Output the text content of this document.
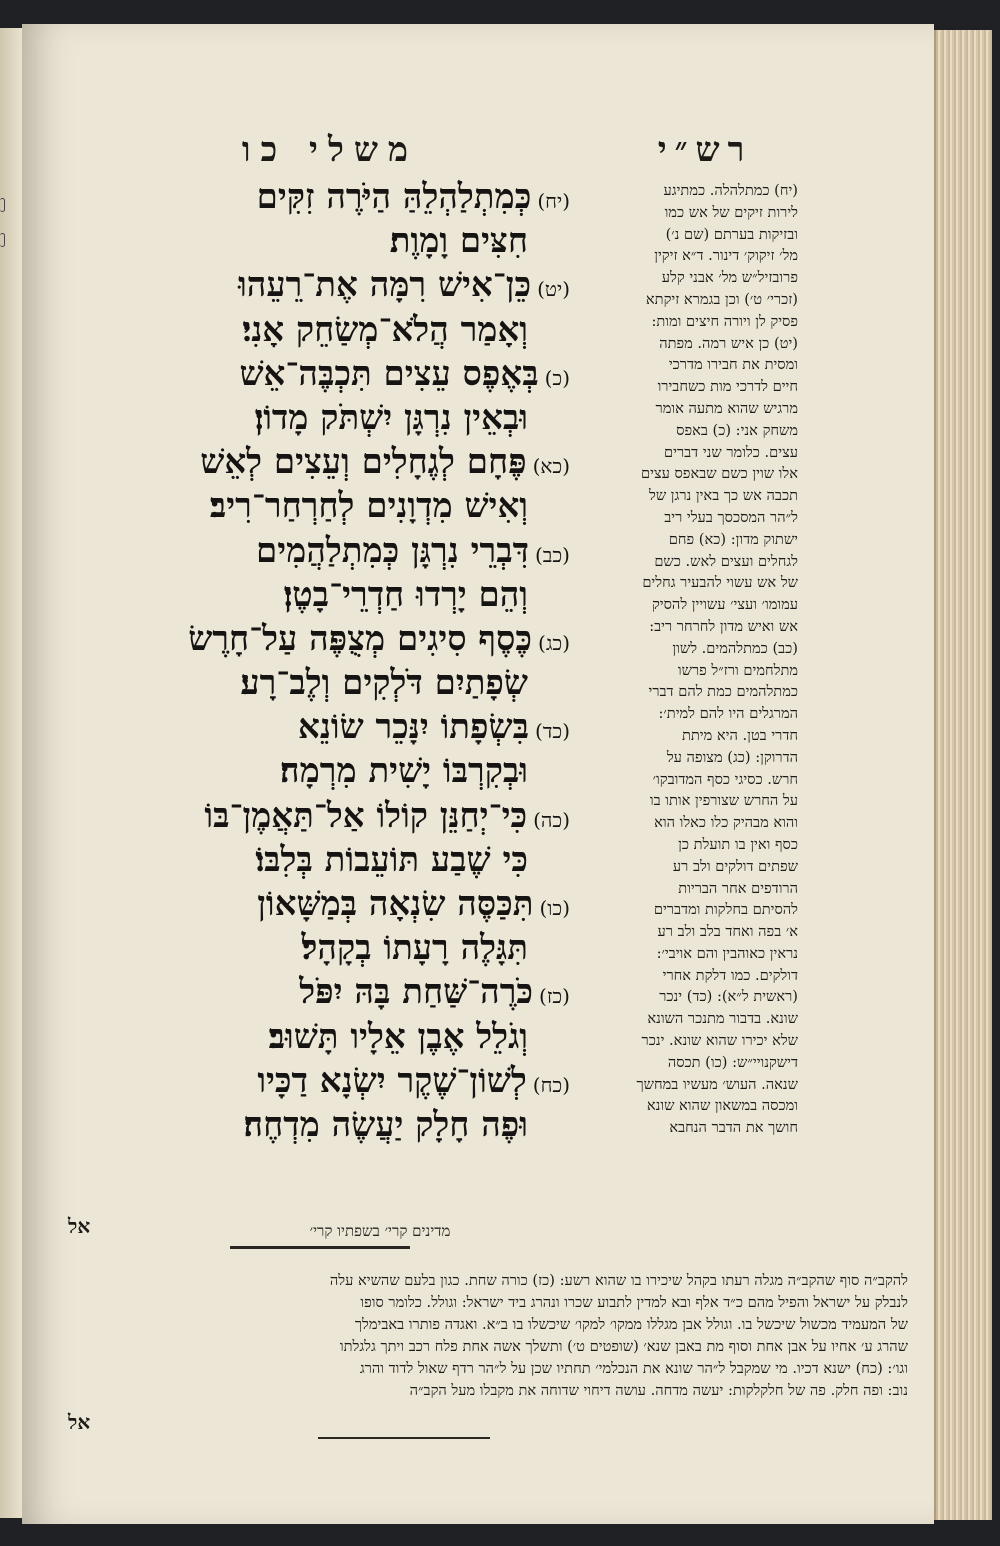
משלי כו	רש״י
(יח)כְּמִתְלַהְלֵהַּ הַיֹּרֶה זִקִּים
חִצִּים וָמָוֶת׃
(יט)כֵּן־אִישׁ רִמָּה אֶת־רֵעֵהוּ
וְאָמַר הֲלֹא־מְשַׂחֵק אָנִי׃
(כ)בְּאֶפֶס עֵצִים תִּכְבֶּה־אֵשׁ
וּבְאֵין נִרְגָּן יִשְׁתֹּק מָדוֹן׃
(כא)פֶּחָם לְגֶחָלִים וְעֵצִים לְאֵשׁ
וְאִישׁ מִדְוָנִים לְחַרְחַר־רִיב׃
(כב)דִּבְרֵי נִרְגָּן כְּמִתְלַהֲמִים
וְהֵם יָרְדוּ חַדְרֵי־בָטֶן׃
(כג)כֶּסֶף סִיגִים מְצֻפֶּה עַל־חָרֶשׂ
שְׂפָתַיִם דֹּלְקִים וְלֶב־רָע׃
(כד)בִּשְׂפָתוֹ יִנָּכֵר שׂוֹנֵא
וּבְקִרְבּוֹ יָשִׁית מִרְמָה׃
(כה)כִּי־יְחַנֵּן קוֹלוֹ אַל־תַּאֲמֶן־בּוֹ
כִּי שֶׁבַע תּוֹעֵבוֹת בְּלִבּוֹ׃
(כו)תִּכַּסֶּה שִׂנְאָה בְּמַשָּׁאוֹן
תִּגָּלֶה רָעָתוֹ בְקָהָל׃
(כז)כֹּרֶה־שַּׁחַת בָּהּ יִפֹּל
וְגֹלֵל אֶבֶן אֵלָיו תָּשׁוּב׃
(כח)לְשׁוֹן־שֶׁקֶר יִשְׂנָא דַכָּיו
וּפֶה חָלָק יַעֲשֶׂה מִדְחֶה׃
(יח) כמתלהלה. כמתיגע
לירות זיקים של אש כמו
ובזיקות בערתם (שם נ׳)
מל׳ זיקוק׳ דינור. ד״א זיקין
פרובזיל״ש מל׳ אבני קלע
(זכרי׳ ט׳) וכן בגמרא זיקתא
פסיק לן ויורה חיצים ומות:
(יט) כן איש רמה. מפתה
ומסית את חבירו מדרכי
חיים לדרכי מות כשחבירו
מרגיש שהוא מתעה אומר
משחק אני: (כ) באפס
עצים. כלומר שני דברים
אלו שוין כשם שבאפס עצים
תכבה אש כך באין נרגן של
ל״הר המסכסך בעלי ריב
ישתוק מדון: (כא) פחם
לגחלים ועצים לאש. כשם
של אש עשוי להבעיר גחלים
עמומו׳ ועצי׳ עשויין להסיק
אש ואיש מדון לחרחר ריב:
(כב) כמתלהמים. לשון
מתלחמים ורז״ל פרשו
כמתלהמים כמת להם דברי
המרגלים היו להם למית׳:
חדרי בטן. היא מיתת
הדרוקן: (כג) מצופה על
חרש. כסיגי כסף המדובקו׳
על החרש שצורפין אותו בו
והוא מבהיק כלו כאלו הוא
כסף ואין בו תועלת כן
שפתים דולקים ולב רע
הרודפים אחר הבריות
להסיתם בחלקות ומדברים
א׳ בפה ואחד בלב ולב רע
נראין כאוהבין והם אויבי׳:
דולקים. כמו דלקת אחרי
(ראשית ל״א): (כד) ינכר
שונא. בדבור מתנכר השונא
שלא יכירו שהוא שונא. ינכר
דישקנויי״ש: (כו) תכסה
שנאה. העוש׳ מעשיו במחשך
ומכסה במשאון שהוא שונא
חושך את הדבר הנחבא
אל	מדינים קרי׳ בשפתיו קרי׳
להקב״ה סוף שהקב״ה מגלה רעתו בקהל שיכירו בו שהוא רשע: (כז) כורה שחת. כגון בלעם שהשיא עלה
לנבלק על ישראל והפיל מהם כ״ד אלף ובא למדין לתבוע שכרו ונהרג ביד ישראל: וגולל. כלומר סופו
של המעמיד מכשול שיכשל בו. וגולל אבן מגללו ממקו׳ למקו׳ שיכשלו בו ב״א. ואגדה פותרו באבימלך
שהרג ע׳ אחיו על אבן אחת וסוף מת באבן שנא׳ (שופטים ט׳) ותשלך אשה אחת פלח רכב ויתך גלגלתו
וגו׳: (כח) ישנא דכיו. מי שמקבל ל״הר שונא את הנכלמי׳ תחתיו שכן על ל״הר רדף שאול לדוד והרג
נוב: ופה חלק. פה של חלקלקות: יעשה מדחה. עושה דיחוי שדוחה את מקבלו מעל הקב״ה
אל
